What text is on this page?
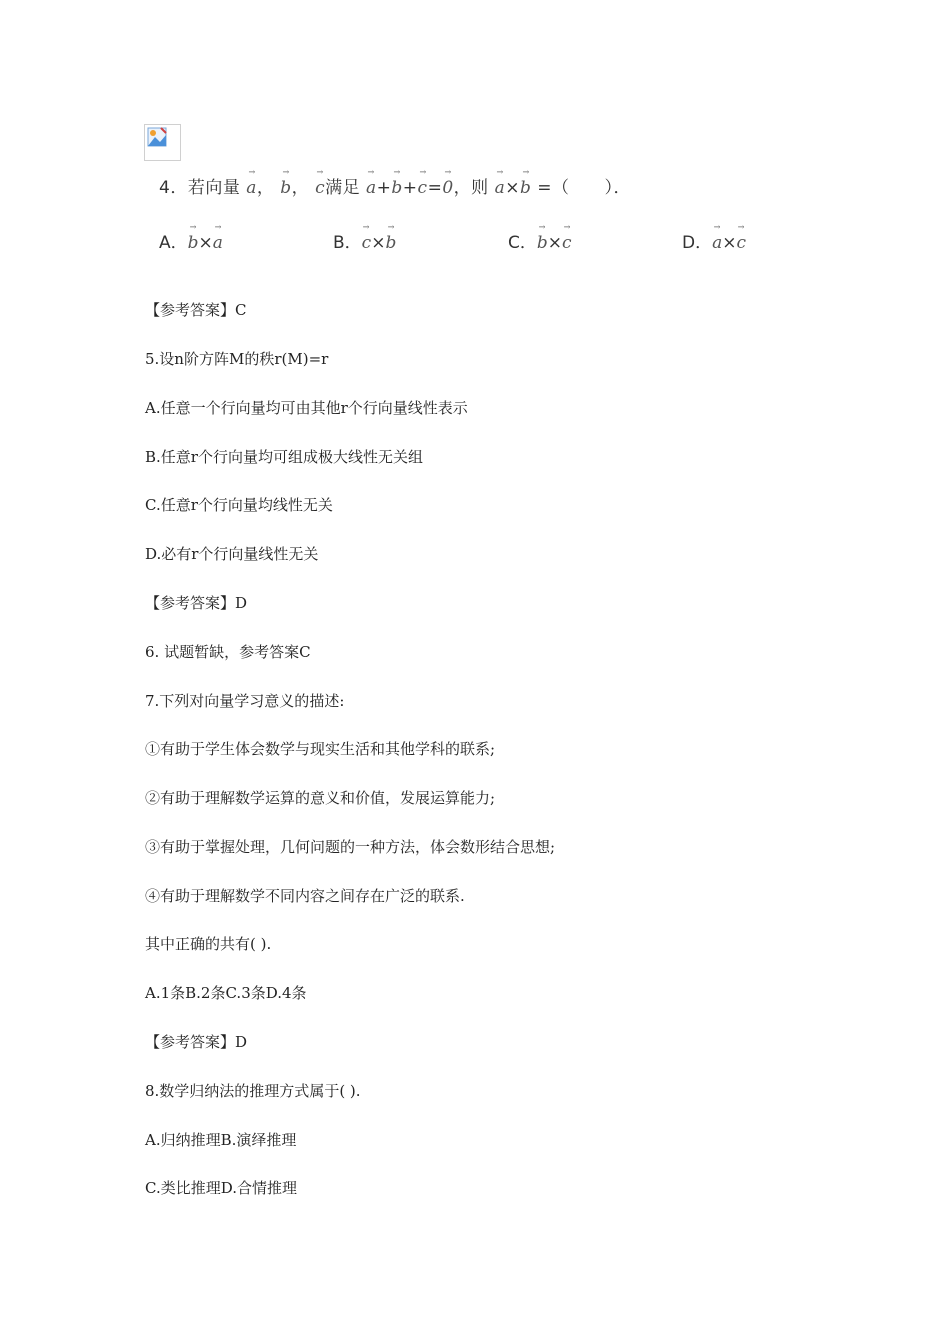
4．若向量 → a， → b， → c满足 → a+→ b+→ c=→ 0，则 → a×→ b =（　　）．
A．→ b×→ a	B．→ c×→ b	C．→ b×→ c	D．→ a×→ c
【参考答案】C
5.设n阶方阵M的秩r(M)=r
A.任意一个行向量均可由其他r个行向量线性表示
B.任意r个行向量均可组成极大线性无关组
C.任意r个行向量均线性无关
D.必有r个行向量线性无关
【参考答案】D
6. 试题暂缺，参考答案C
7.下列对向量学习意义的描述:
①有助于学生体会数学与现实生活和其他学科的联系;
②有助于理解数学运算的意义和价值，发展运算能力;
③有助于掌握处理，几何问题的一种方法，体会数形结合思想;
④有助于理解数学不同内容之间存在广泛的联系.
其中正确的共有( ).
A.1条B.2条C.3条D.4条
【参考答案】D
8.数学归纳法的推理方式属于( ).
A.归纳推理B.演绎推理
C.类比推理D.合情推理
